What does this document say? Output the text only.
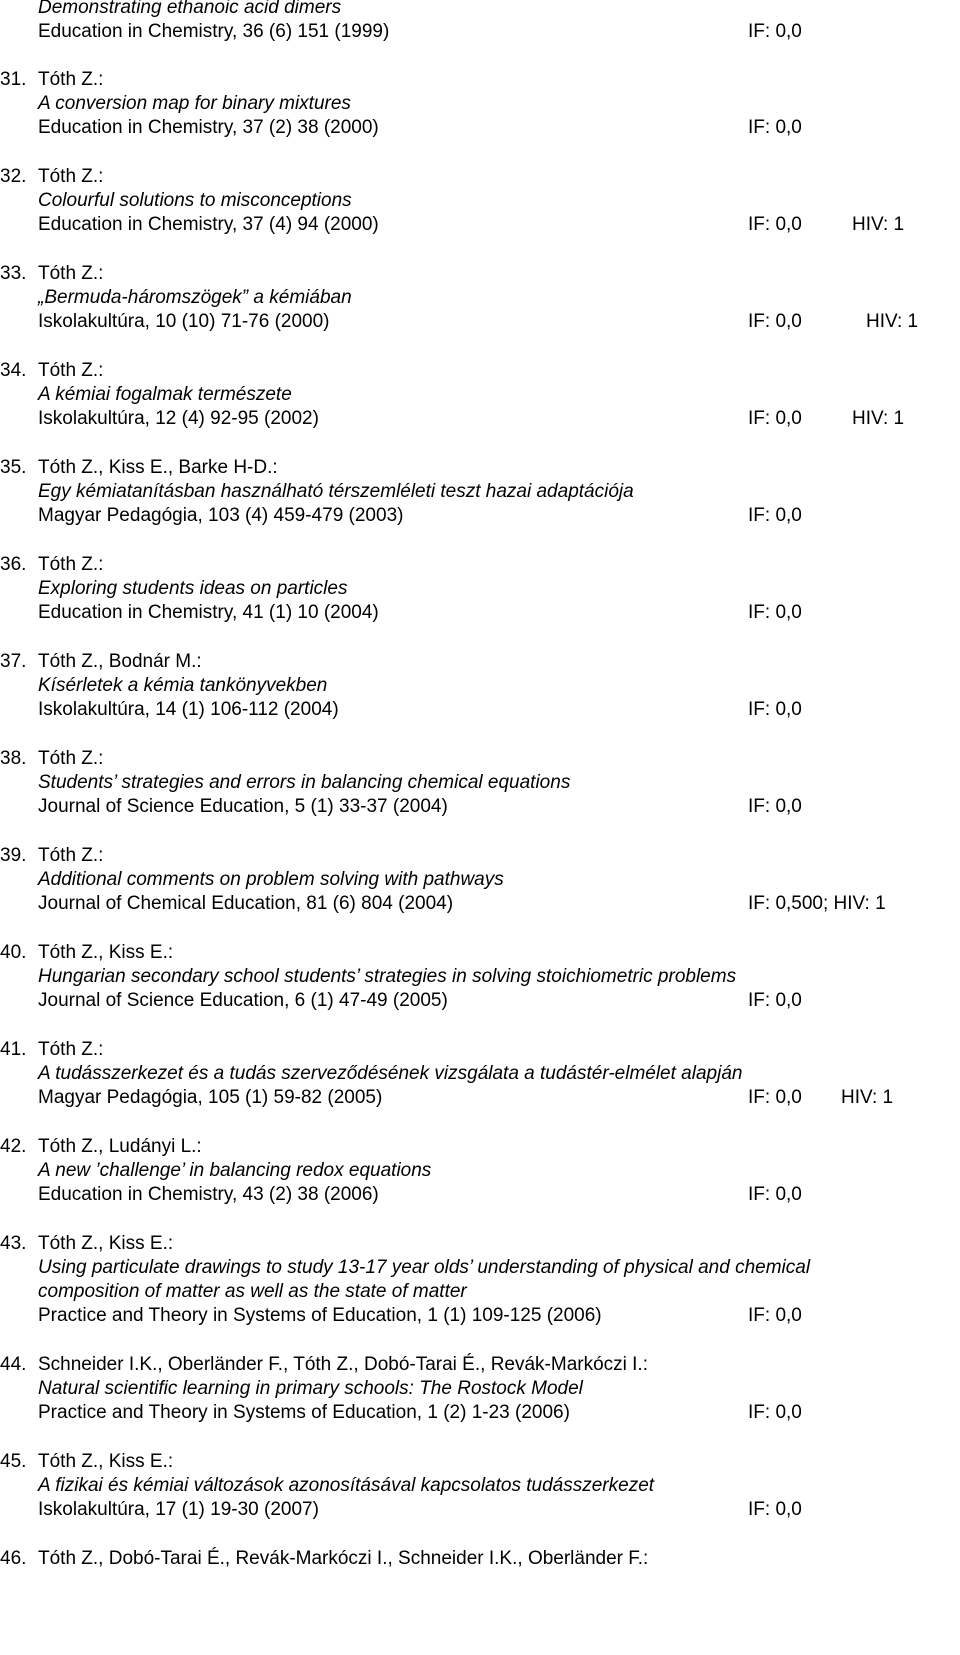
Demonstrating ethanoic acid dimers
Education in Chemistry, 36 (6) 151 (1999)	IF: 0,0
31. Tóth Z.:
A conversion map for binary mixtures
Education in Chemistry, 37 (2) 38 (2000)	IF: 0,0
32. Tóth Z.:
Colourful solutions to misconceptions
Education in Chemistry, 37 (4) 94 (2000)	IF: 0,0	HIV: 1
33. Tóth Z.:
„Bermuda-háromszögek” a kémiában
Iskolakultúra, 10 (10) 71-76 (2000)	IF: 0,0	HIV: 1
34. Tóth Z.:
A kémiai fogalmak természete
Iskolakultúra, 12 (4) 92-95 (2002)	IF: 0,0	HIV: 1
35. Tóth Z., Kiss E., Barke H-D.:
Egy kémiatanításban használható térszemléleti teszt hazai adaptációja
Magyar Pedagógia, 103 (4) 459-479 (2003)	IF: 0,0
36. Tóth Z.:
Exploring students ideas on particles
Education in Chemistry, 41 (1) 10 (2004)	IF: 0,0
37. Tóth Z., Bodnár M.:
Kísérletek a kémia tankönyvekben
Iskolakultúra, 14 (1) 106-112 (2004)	IF: 0,0
38. Tóth Z.:
Students’ strategies and errors in balancing chemical equations
Journal of Science Education, 5 (1) 33-37 (2004)	IF: 0,0
39. Tóth Z.:
Additional comments on problem solving with pathways
Journal of Chemical Education, 81 (6) 804 (2004)	IF: 0,500; HIV: 1
40. Tóth Z., Kiss E.:
Hungarian secondary school students’ strategies in solving stoichiometric problems
Journal of Science Education, 6 (1) 47-49 (2005)	IF: 0,0
41. Tóth Z.:
A tudásszerkezet és a tudás szerveződésének vizsgálata a tudástér-elmélet alapján
Magyar Pedagógia, 105 (1) 59-82 (2005)	IF: 0,0 HIV: 1
42. Tóth Z., Ludányi L.:
A new ’challenge’ in balancing redox equations
Education in Chemistry, 43 (2) 38 (2006)	IF: 0,0
43. Tóth Z., Kiss E.:
Using particulate drawings to study 13-17 year olds’ understanding of physical and chemical
composition of matter as well as the state of matter
Practice and Theory in Systems of Education, 1 (1) 109-125 (2006)	IF: 0,0
44. Schneider I.K., Oberländer F., Tóth Z., Dobó-Tarai É., Revák-Markóczi I.:
Natural scientific learning in primary schools: The Rostock Model
Practice and Theory in Systems of Education, 1 (2) 1-23 (2006)	IF: 0,0
45. Tóth Z., Kiss E.:
A fizikai és kémiai változások azonosításával kapcsolatos tudásszerkezet
Iskolakultúra, 17 (1) 19-30 (2007)	IF: 0,0
46. Tóth Z., Dobó-Tarai É., Revák-Markóczi I., Schneider I.K., Oberländer F.:
